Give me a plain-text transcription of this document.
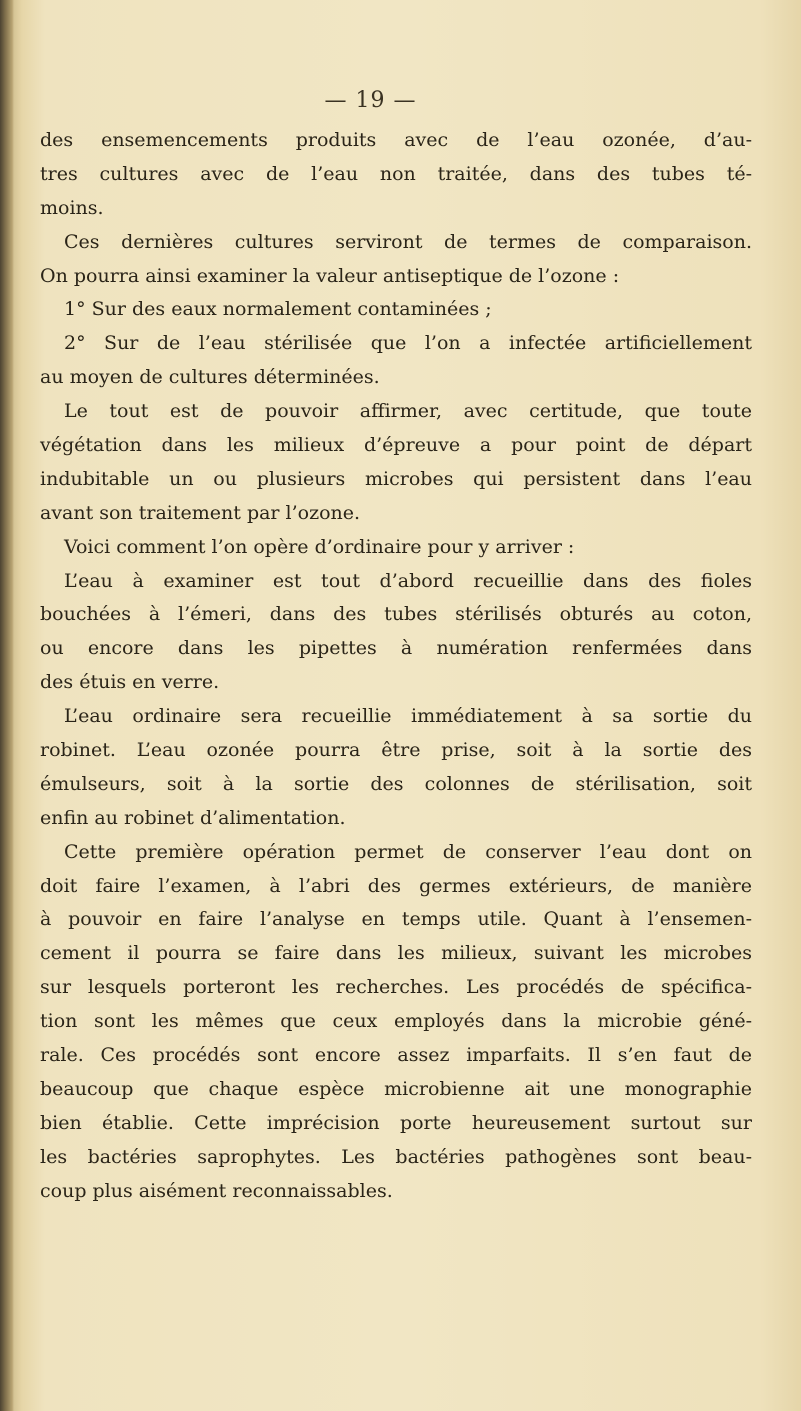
— 19 —
des ensemencements produits avec de l’eau ozonée, d’au-
tres cultures avec de l’eau non traitée, dans des tubes té-
moins.
Ces dernières cultures serviront de termes de comparaison.
On pourra ainsi examiner la valeur antiseptique de l’ozone :
1° Sur des eaux normalement contaminées ;
2° Sur de l’eau stérilisée que l’on a infectée artificiellement
au moyen de cultures déterminées.
Le tout est de pouvoir affirmer, avec certitude, que toute
végétation dans les milieux d’épreuve a pour point de départ
indubitable un ou plusieurs microbes qui persistent dans l’eau
avant son traitement par l’ozone.
Voici comment l’on opère d’ordinaire pour y arriver :
L’eau à examiner est tout d’abord recueillie dans des fioles
bouchées à l’émeri, dans des tubes stérilisés obturés au coton,
ou encore dans les pipettes à numération renfermées dans
des étuis en verre.
L’eau ordinaire sera recueillie immédiatement à sa sortie du
robinet. L’eau ozonée pourra être prise, soit à la sortie des
émulseurs, soit à la sortie des colonnes de stérilisation, soit
enfin au robinet d’alimentation.
Cette première opération permet de conserver l’eau dont on
doit faire l’examen, à l’abri des germes extérieurs, de manière
à pouvoir en faire l’analyse en temps utile. Quant à l’ensemen-
cement il pourra se faire dans les milieux, suivant les microbes
sur lesquels porteront les recherches. Les procédés de spécifica-
tion sont les mêmes que ceux employés dans la microbie géné-
rale. Ces procédés sont encore assez imparfaits. Il s’en faut de
beaucoup que chaque espèce microbienne ait une monographie
bien établie. Cette imprécision porte heureusement surtout sur
les bactéries saprophytes. Les bactéries pathogènes sont beau-
coup plus aisément reconnaissables.
